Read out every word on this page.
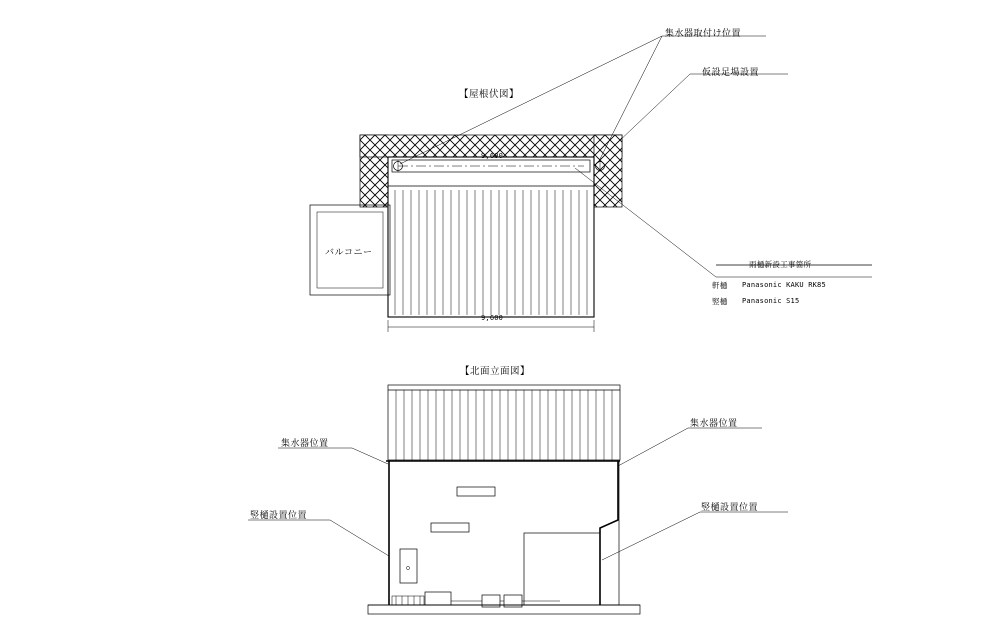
【屋根伏図】
集水器取付け位置
仮設足場設置
9,600
9,600
バルコニー
雨樋新設工事箇所
軒樋 Panasonic KAKU RK85
竪樋 Panasonic S15
【北面立面図】
集水器位置
集水器位置
竪樋設置位置
竪樋設置位置
